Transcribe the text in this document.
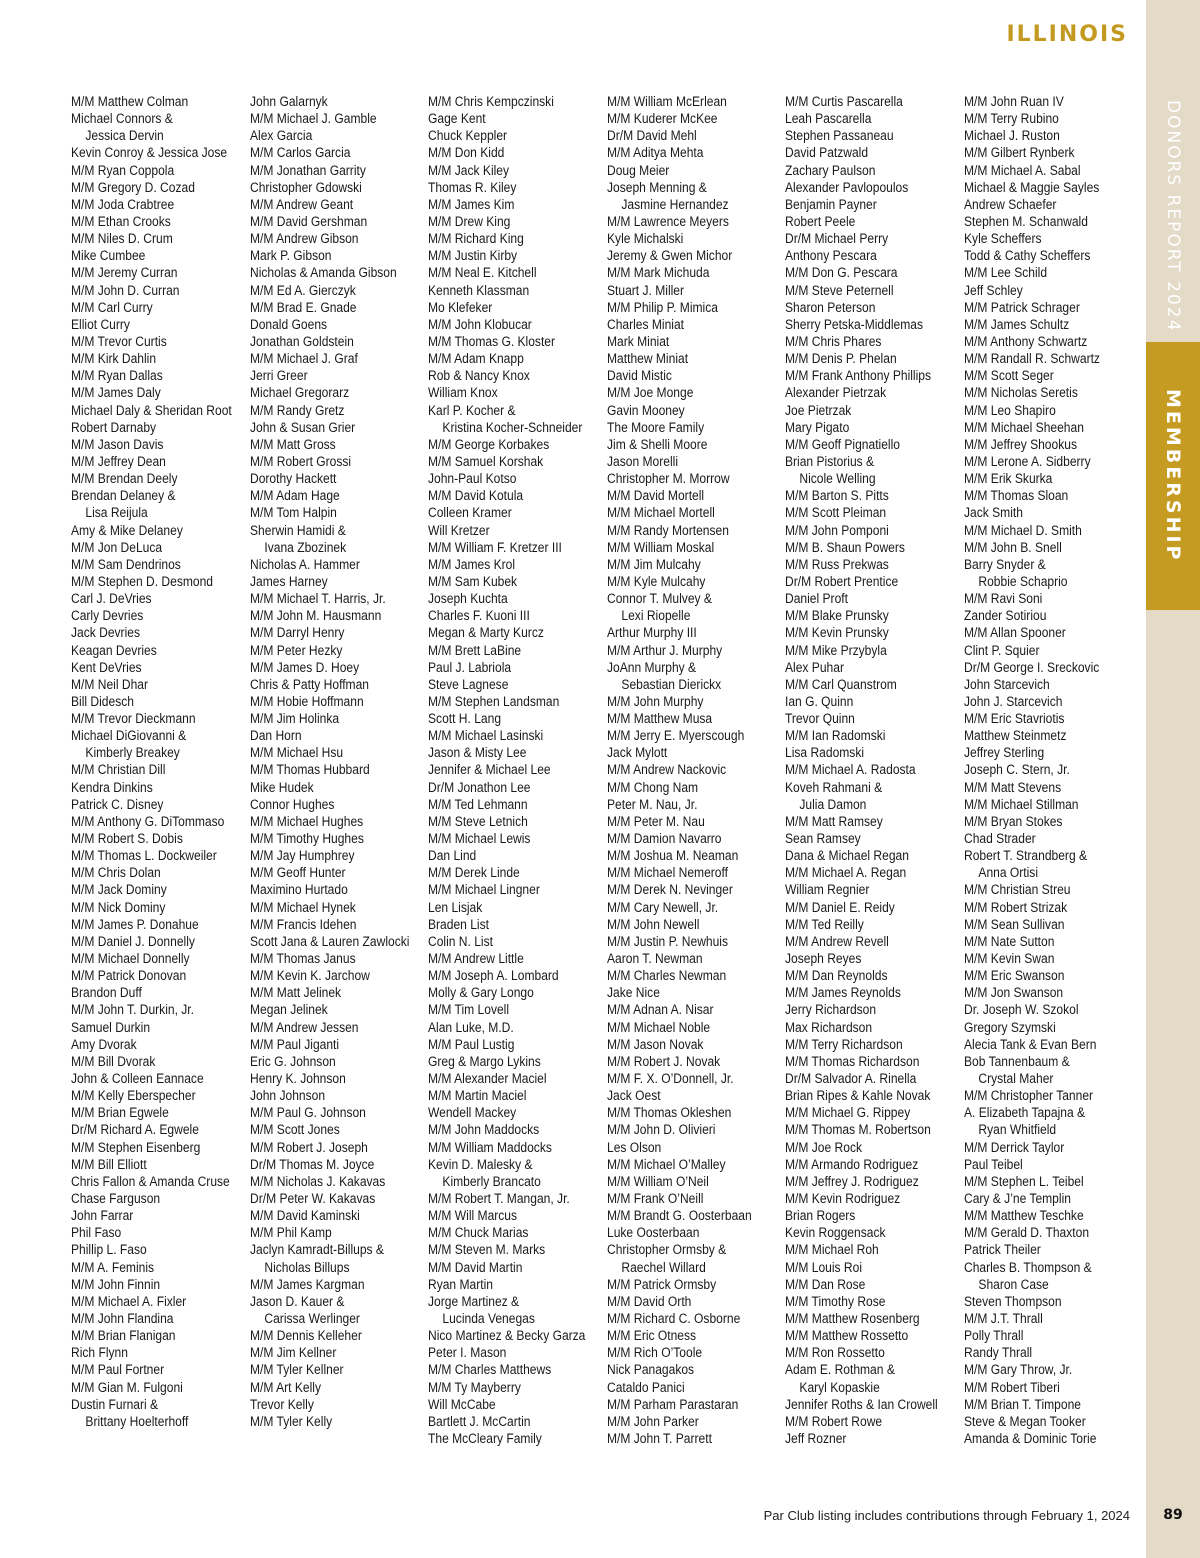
ILLINOIS
DONORS REPORT 2024
MEMBERSHIP
89
M/M Matthew Colman
Michael Connors &
Jessica Dervin
Kevin Conroy & Jessica Jose
M/M Ryan Coppola
M/M Gregory D. Cozad
M/M Joda Crabtree
M/M Ethan Crooks
M/M Niles D. Crum
Mike Cumbee
M/M Jeremy Curran
M/M John D. Curran
M/M Carl Curry
Elliot Curry
M/M Trevor Curtis
M/M Kirk Dahlin
M/M Ryan Dallas
M/M James Daly
Michael Daly & Sheridan Root
Robert Darnaby
M/M Jason Davis
M/M Jeffrey Dean
M/M Brendan Deely
Brendan Delaney &
Lisa Reijula
Amy & Mike Delaney
M/M Jon DeLuca
M/M Sam Dendrinos
M/M Stephen D. Desmond
Carl J. DeVries
Carly Devries
Jack Devries
Keagan Devries
Kent DeVries
M/M Neil Dhar
Bill Didesch
M/M Trevor Dieckmann
Michael DiGiovanni &
Kimberly Breakey
M/M Christian Dill
Kendra Dinkins
Patrick C. Disney
M/M Anthony G. DiTommaso
M/M Robert S. Dobis
M/M Thomas L. Dockweiler
M/M Chris Dolan
M/M Jack Dominy
M/M Nick Dominy
M/M James P. Donahue
M/M Daniel J. Donnelly
M/M Michael Donnelly
M/M Patrick Donovan
Brandon Duff
M/M John T. Durkin, Jr.
Samuel Durkin
Amy Dvorak
M/M Bill Dvorak
John & Colleen Eannace
M/M Kelly Eberspecher
M/M Brian Egwele
Dr/M Richard A. Egwele
M/M Stephen Eisenberg
M/M Bill Elliott
Chris Fallon & Amanda Cruse
Chase Farguson
John Farrar
Phil Faso
Phillip L. Faso
M/M A. Feminis
M/M John Finnin
M/M Michael A. Fixler
M/M John Flandina
M/M Brian Flanigan
Rich Flynn
M/M Paul Fortner
M/M Gian M. Fulgoni
Dustin Furnari &
Brittany Hoelterhoff
John Galarnyk
M/M Michael J. Gamble
Alex Garcia
M/M Carlos Garcia
M/M Jonathan Garrity
Christopher Gdowski
M/M Andrew Geant
M/M David Gershman
M/M Andrew Gibson
Mark P. Gibson
Nicholas & Amanda Gibson
M/M Ed A. Gierczyk
M/M Brad E. Gnade
Donald Goens
Jonathan Goldstein
M/M Michael J. Graf
Jerri Greer
Michael Gregorarz
M/M Randy Gretz
John & Susan Grier
M/M Matt Gross
M/M Robert Grossi
Dorothy Hackett
M/M Adam Hage
M/M Tom Halpin
Sherwin Hamidi &
Ivana Zbozinek
Nicholas A. Hammer
James Harney
M/M Michael T. Harris, Jr.
M/M John M. Hausmann
M/M Darryl Henry
M/M Peter Hezky
M/M James D. Hoey
Chris & Patty Hoffman
M/M Hobie Hoffmann
M/M Jim Holinka
Dan Horn
M/M Michael Hsu
M/M Thomas Hubbard
Mike Hudek
Connor Hughes
M/M Michael Hughes
M/M Timothy Hughes
M/M Jay Humphrey
M/M Geoff Hunter
Maximino Hurtado
M/M Michael Hynek
M/M Francis Idehen
Scott Jana & Lauren Zawlocki
M/M Thomas Janus
M/M Kevin K. Jarchow
M/M Matt Jelinek
Megan Jelinek
M/M Andrew Jessen
M/M Paul Jiganti
Eric G. Johnson
Henry K. Johnson
John Johnson
M/M Paul G. Johnson
M/M Scott Jones
M/M Robert J. Joseph
Dr/M Thomas M. Joyce
M/M Nicholas J. Kakavas
Dr/M Peter W. Kakavas
M/M David Kaminski
M/M Phil Kamp
Jaclyn Kamradt-Billups &
Nicholas Billups
M/M James Kargman
Jason D. Kauer &
Carissa Werlinger
M/M Dennis Kelleher
M/M Jim Kellner
M/M Tyler Kellner
M/M Art Kelly
Trevor Kelly
M/M Tyler Kelly
M/M Chris Kempczinski
Gage Kent
Chuck Keppler
M/M Don Kidd
M/M Jack Kiley
Thomas R. Kiley
M/M James Kim
M/M Drew King
M/M Richard King
M/M Justin Kirby
M/M Neal E. Kitchell
Kenneth Klassman
Mo Klefeker
M/M John Klobucar
M/M Thomas G. Kloster
M/M Adam Knapp
Rob & Nancy Knox
William Knox
Karl P. Kocher &
Kristina Kocher-Schneider
M/M George Korbakes
M/M Samuel Korshak
John-Paul Kotso
M/M David Kotula
Colleen Kramer
Will Kretzer
M/M William F. Kretzer III
M/M James Krol
M/M Sam Kubek
Joseph Kuchta
Charles F. Kuoni III
Megan & Marty Kurcz
M/M Brett LaBine
Paul J. Labriola
Steve Lagnese
M/M Stephen Landsman
Scott H. Lang
M/M Michael Lasinski
Jason & Misty Lee
Jennifer & Michael Lee
Dr/M Jonathon Lee
M/M Ted Lehmann
M/M Steve Letnich
M/M Michael Lewis
Dan Lind
M/M Derek Linde
M/M Michael Lingner
Len Lisjak
Braden List
Colin N. List
M/M Andrew Little
M/M Joseph A. Lombard
Molly & Gary Longo
M/M Tim Lovell
Alan Luke, M.D.
M/M Paul Lustig
Greg & Margo Lykins
M/M Alexander Maciel
M/M Martin Maciel
Wendell Mackey
M/M John Maddocks
M/M William Maddocks
Kevin D. Malesky &
Kimberly Brancato
M/M Robert T. Mangan, Jr.
M/M Will Marcus
M/M Chuck Marias
M/M Steven M. Marks
M/M David Martin
Ryan Martin
Jorge Martinez &
Lucinda Venegas
Nico Martinez & Becky Garza
Peter I. Mason
M/M Charles Matthews
M/M Ty Mayberry
Will McCabe
Bartlett J. McCartin
The McCleary Family
M/M William McErlean
M/M Kuderer McKee
Dr/M David Mehl
M/M Aditya Mehta
Doug Meier
Joseph Menning &
Jasmine Hernandez
M/M Lawrence Meyers
Kyle Michalski
Jeremy & Gwen Michor
M/M Mark Michuda
Stuart J. Miller
M/M Philip P. Mimica
Charles Miniat
Mark Miniat
Matthew Miniat
David Mistic
M/M Joe Monge
Gavin Mooney
The Moore Family
Jim & Shelli Moore
Jason Morelli
Christopher M. Morrow
M/M David Mortell
M/M Michael Mortell
M/M Randy Mortensen
M/M William Moskal
M/M Jim Mulcahy
M/M Kyle Mulcahy
Connor T. Mulvey &
Lexi Riopelle
Arthur Murphy III
M/M Arthur J. Murphy
JoAnn Murphy &
Sebastian Dierickx
M/M John Murphy
M/M Matthew Musa
M/M Jerry E. Myerscough
Jack Mylott
M/M Andrew Nackovic
M/M Chong Nam
Peter M. Nau, Jr.
M/M Peter M. Nau
M/M Damion Navarro
M/M Joshua M. Neaman
M/M Michael Nemeroff
M/M Derek N. Nevinger
M/M Cary Newell, Jr.
M/M John Newell
M/M Justin P. Newhuis
Aaron T. Newman
M/M Charles Newman
Jake Nice
M/M Adnan A. Nisar
M/M Michael Noble
M/M Jason Novak
M/M Robert J. Novak
M/M F. X. O’Donnell, Jr.
Jack Oest
M/M Thomas Okleshen
M/M John D. Olivieri
Les Olson
M/M Michael O’Malley
M/M William O’Neil
M/M Frank O’Neill
M/M Brandt G. Oosterbaan
Luke Oosterbaan
Christopher Ormsby &
Raechel Willard
M/M Patrick Ormsby
M/M David Orth
M/M Richard C. Osborne
M/M Eric Otness
M/M Rich O’Toole
Nick Panagakos
Cataldo Panici
M/M Parham Parastaran
M/M John Parker
M/M John T. Parrett
M/M Curtis Pascarella
Leah Pascarella
Stephen Passaneau
David Patzwald
Zachary Paulson
Alexander Pavlopoulos
Benjamin Payner
Robert Peele
Dr/M Michael Perry
Anthony Pescara
M/M Don G. Pescara
M/M Steve Peternell
Sharon Peterson
Sherry Petska-Middlemas
M/M Chris Phares
M/M Denis P. Phelan
M/M Frank Anthony Phillips
Alexander Pietrzak
Joe Pietrzak
Mary Pigato
M/M Geoff Pignatiello
Brian Pistorius &
Nicole Welling
M/M Barton S. Pitts
M/M Scott Pleiman
M/M John Pomponi
M/M B. Shaun Powers
M/M Russ Prekwas
Dr/M Robert Prentice
Daniel Proft
M/M Blake Prunsky
M/M Kevin Prunsky
M/M Mike Przybyla
Alex Puhar
M/M Carl Quanstrom
Ian G. Quinn
Trevor Quinn
M/M Ian Radomski
Lisa Radomski
M/M Michael A. Radosta
Koveh Rahmani &
Julia Damon
M/M Matt Ramsey
Sean Ramsey
Dana & Michael Regan
M/M Michael A. Regan
William Regnier
M/M Daniel E. Reidy
M/M Ted Reilly
M/M Andrew Revell
Joseph Reyes
M/M Dan Reynolds
M/M James Reynolds
Jerry Richardson
Max Richardson
M/M Terry Richardson
M/M Thomas Richardson
Dr/M Salvador A. Rinella
Brian Ripes & Kahle Novak
M/M Michael G. Rippey
M/M Thomas M. Robertson
M/M Joe Rock
M/M Armando Rodriguez
M/M Jeffrey J. Rodriguez
M/M Kevin Rodriguez
Brian Rogers
Kevin Roggensack
M/M Michael Roh
M/M Louis Roi
M/M Dan Rose
M/M Timothy Rose
M/M Matthew Rosenberg
M/M Matthew Rossetto
M/M Ron Rossetto
Adam E. Rothman &
Karyl Kopaskie
Jennifer Roths & Ian Crowell
M/M Robert Rowe
Jeff Rozner
M/M John Ruan IV
M/M Terry Rubino
Michael J. Ruston
M/M Gilbert Rynberk
M/M Michael A. Sabal
Michael & Maggie Sayles
Andrew Schaefer
Stephen M. Schanwald
Kyle Scheffers
Todd & Cathy Scheffers
M/M Lee Schild
Jeff Schley
M/M Patrick Schrager
M/M James Schultz
M/M Anthony Schwartz
M/M Randall R. Schwartz
M/M Scott Seger
M/M Nicholas Seretis
M/M Leo Shapiro
M/M Michael Sheehan
M/M Jeffrey Shookus
M/M Lerone A. Sidberry
M/M Erik Skurka
M/M Thomas Sloan
Jack Smith
M/M Michael D. Smith
M/M John B. Snell
Barry Snyder &
Robbie Schaprio
M/M Ravi Soni
Zander Sotiriou
M/M Allan Spooner
Clint P. Squier
Dr/M George I. Sreckovic
John Starcevich
John J. Starcevich
M/M Eric Stavriotis
Matthew Steinmetz
Jeffrey Sterling
Joseph C. Stern, Jr.
M/M Matt Stevens
M/M Michael Stillman
M/M Bryan Stokes
Chad Strader
Robert T. Strandberg &
Anna Ortisi
M/M Christian Streu
M/M Robert Strizak
M/M Sean Sullivan
M/M Nate Sutton
M/M Kevin Swan
M/M Eric Swanson
M/M Jon Swanson
Dr. Joseph W. Szokol
Gregory Szymski
Alecia Tank & Evan Bern
Bob Tannenbaum &
Crystal Maher
M/M Christopher Tanner
A. Elizabeth Tapajna &
Ryan Whitfield
M/M Derrick Taylor
Paul Teibel
M/M Stephen L. Teibel
Cary & J’ne Templin
M/M Matthew Teschke
M/M Gerald D. Thaxton
Patrick Theiler
Charles B. Thompson &
Sharon Case
Steven Thompson
M/M J.T. Thrall
Polly Thrall
Randy Thrall
M/M Gary Throw, Jr.
M/M Robert Tiberi
M/M Brian T. Timpone
Steve & Megan Tooker
Amanda & Dominic Torie
Par Club listing includes contributions through February 1, 2024
